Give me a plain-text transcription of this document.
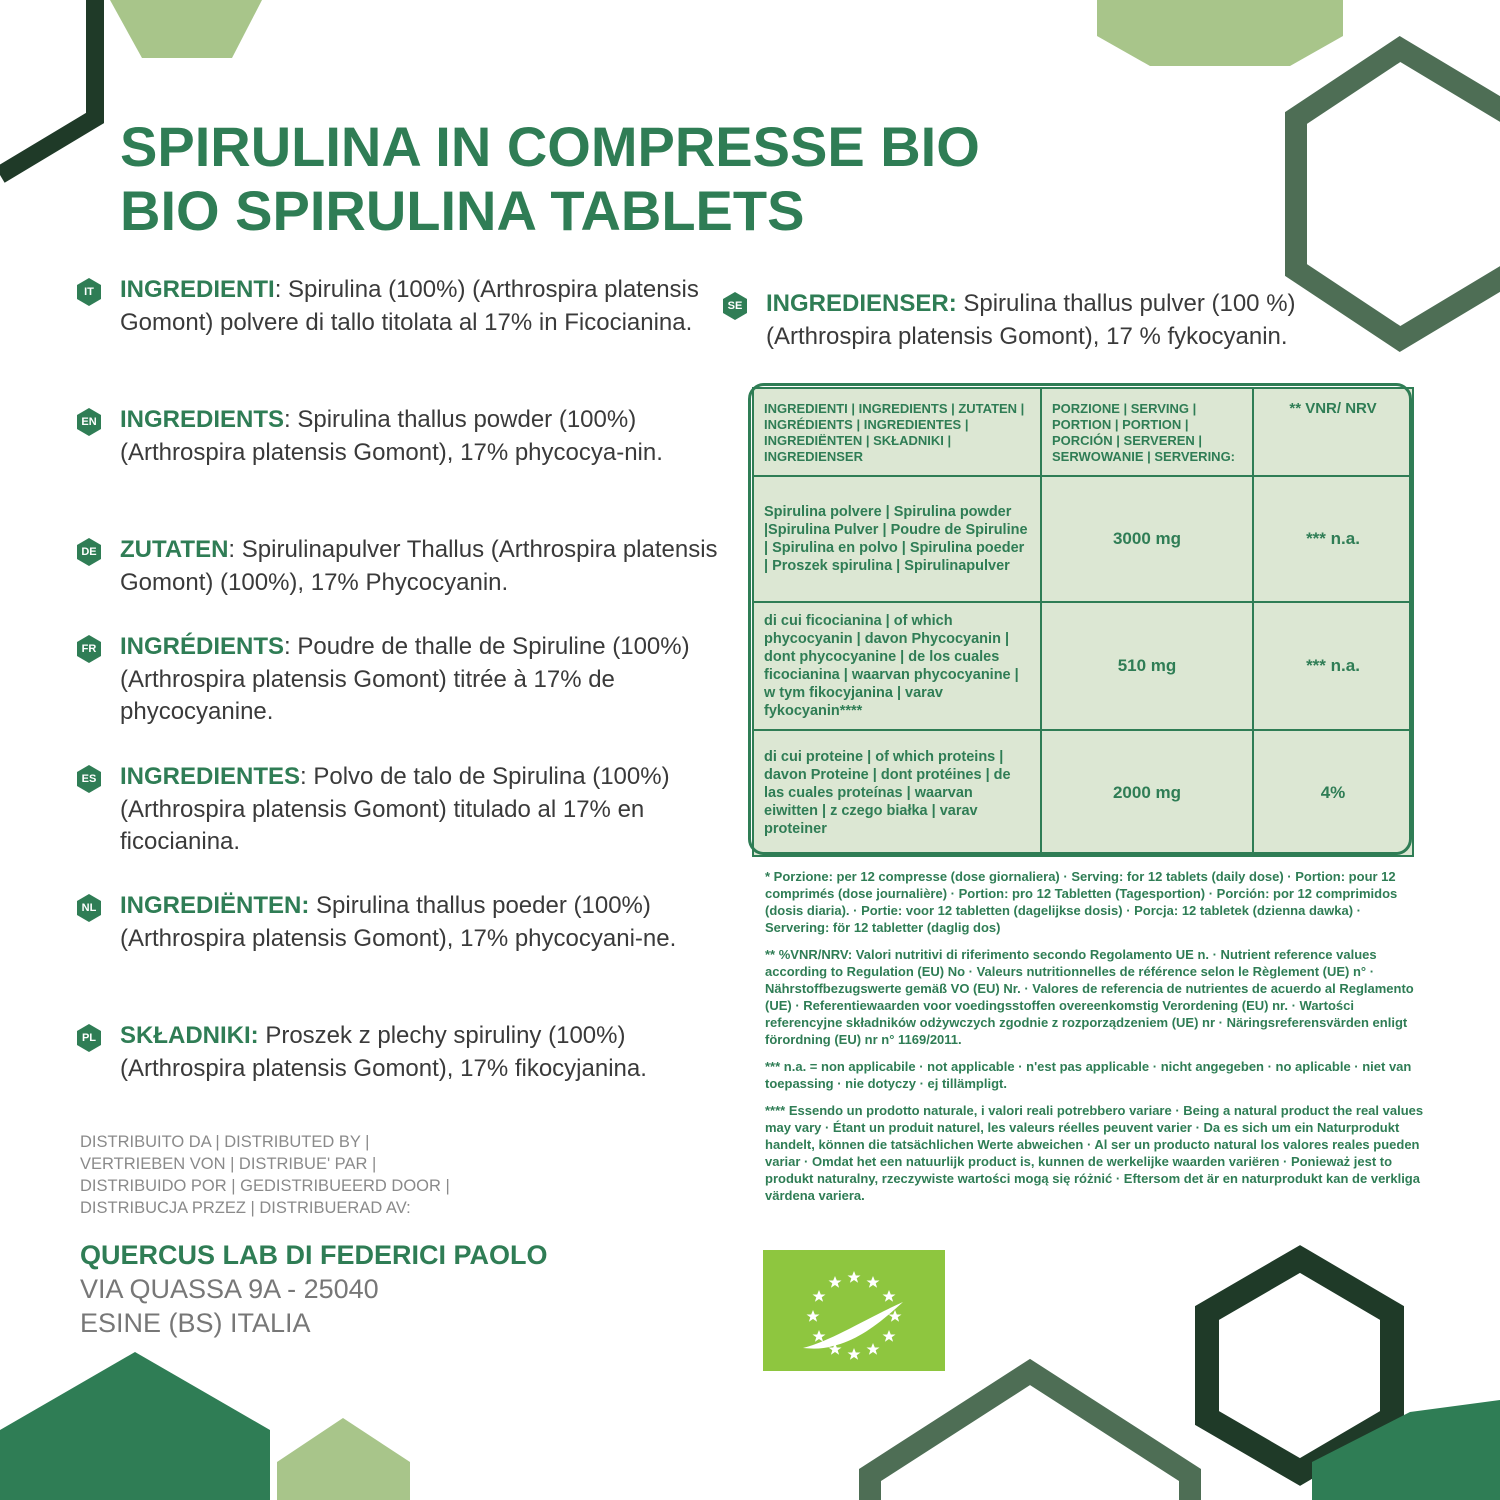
SPIRULINA IN COMPRESSE BIO
BIO SPIRULINA TABLETS
IT	INGREDIENTI: Spirulina (100%) (Arthrospira platensis Gomont) polvere di tallo titolata al 17% in Ficocianina.
EN INGREDIENTS: Spirulina thallus powder (100%) (Arthrospira platensis Gomont), 17% phycocya-nin.
DE ZUTATEN: Spirulinapulver Thallus (Arthrospira platensis Gomont) (100%), 17% Phycocyanin.
FR INGRÉDIENTS: Poudre de thalle de Spiruline (100%) (Arthrospira platensis Gomont) titrée à 17% de phycocyanine.
ES INGREDIENTES: Polvo de talo de Spirulina (100%) (Arthrospira platensis Gomont) titulado al 17% en ficocianina.
NL INGREDIËNTEN: Spirulina thallus poeder (100%) (Arthrospira platensis Gomont), 17% phycocyani-ne.
PL SKŁADNIKI: Proszek z plechy spiruliny (100%) (Arthrospira platensis Gomont), 17% fikocyjanina.
SE INGREDIENSER: Spirulina thallus pulver (100 %) (Arthrospira platensis Gomont), 17 % fykocyanin.
INGREDIENTI | INGREDIENTS | ZUTATEN | INGRÉDIENTS | INGREDIENTES | INGREDIËNTEN | SKŁADNIKI | INGREDIENSER	PORZIONE | SERVING | PORTION | PORTION | PORCIÓN | SERVEREN | SERWOWANIE | SERVERING:	** VNR/ NRV
Spirulina polvere | Spirulina powder |Spirulina Pulver | Poudre de Spiruline | Spirulina en polvo | Spirulina poeder | Proszek spirulina | Spirulinapulver	3000 mg	*** n.a.
di cui ficocianina | of which phycocyanin | davon Phycocyanin | dont phycocyanine | de los cuales ficocianina | waarvan phycocyanine | w tym fikocyjanina | varav fykocyanin****	510 mg	*** n.a.
di cui proteine | of which proteins | davon Proteine | dont protéines | de las cuales proteínas | waarvan eiwitten | z czego białka | varav proteiner	2000 mg	4%

* Porzione: per 12 compresse (dose giornaliera) · Serving: for 12 tablets (daily dose) · Portion: pour 12 comprimés (dose journalière) · Portion: pro 12 Tabletten (Tagesportion) · Porción: por 12 comprimidos (dosis diaria). · Portie: voor 12 tabletten (dagelijkse dosis) · Porcja: 12 tabletek (dzienna dawka) · Servering: för 12 tabletter (daglig dos)

** %VNR/NRV: Valori nutritivi di riferimento secondo Regolamento UE n. · Nutrient reference values according to Regulation (EU) No · Valeurs nutritionnelles de référence selon le Règlement (UE) n° · Nährstoffbezugswerte gemäß VO (EU) Nr. · Valores de referencia de nutrientes de acuerdo al Reglamento (UE) · Referentiewaarden voor voedingsstoffen overeenkomstig Verordening (EU) nr. · Wartości referencyjne składników odżywczych zgodnie z rozporządzeniem (UE) nr · Näringsreferensvärden enligt förordning (EU) nr n° 1169/2011.

*** n.a. = non applicabile · not applicable · n'est pas applicable · nicht angegeben · no aplicable · niet van toepassing · nie dotyczy · ej tillämpligt.

**** Essendo un prodotto naturale, i valori reali potrebbero variare · Being a natural product the real values may vary · Étant un produit naturel, les valeurs réelles peuvent varier · Da es sich um ein Naturprodukt handelt, können die tatsächlichen Werte abweichen · Al ser un producto natural los valores reales pueden variar · Omdat het een natuurlijk product is, kunnen de werkelijke waarden variëren · Ponieważ jest to produkt naturalny, rzeczywiste wartości mogą się różnić · Eftersom det är en naturprodukt kan de verkliga värdena variera.

DISTRIBUITO DA | DISTRIBUTED BY |
VERTRIEBEN VON | DISTRIBUE' PAR |
DISTRIBUIDO POR | GEDISTRIBUEERD DOOR |
DISTRIBUCJA PRZEZ | DISTRIBUERAD AV:
QUERCUS LAB DI FEDERICI PAOLO
VIA QUASSA 9A - 25040
ESINE (BS) ITALIA
